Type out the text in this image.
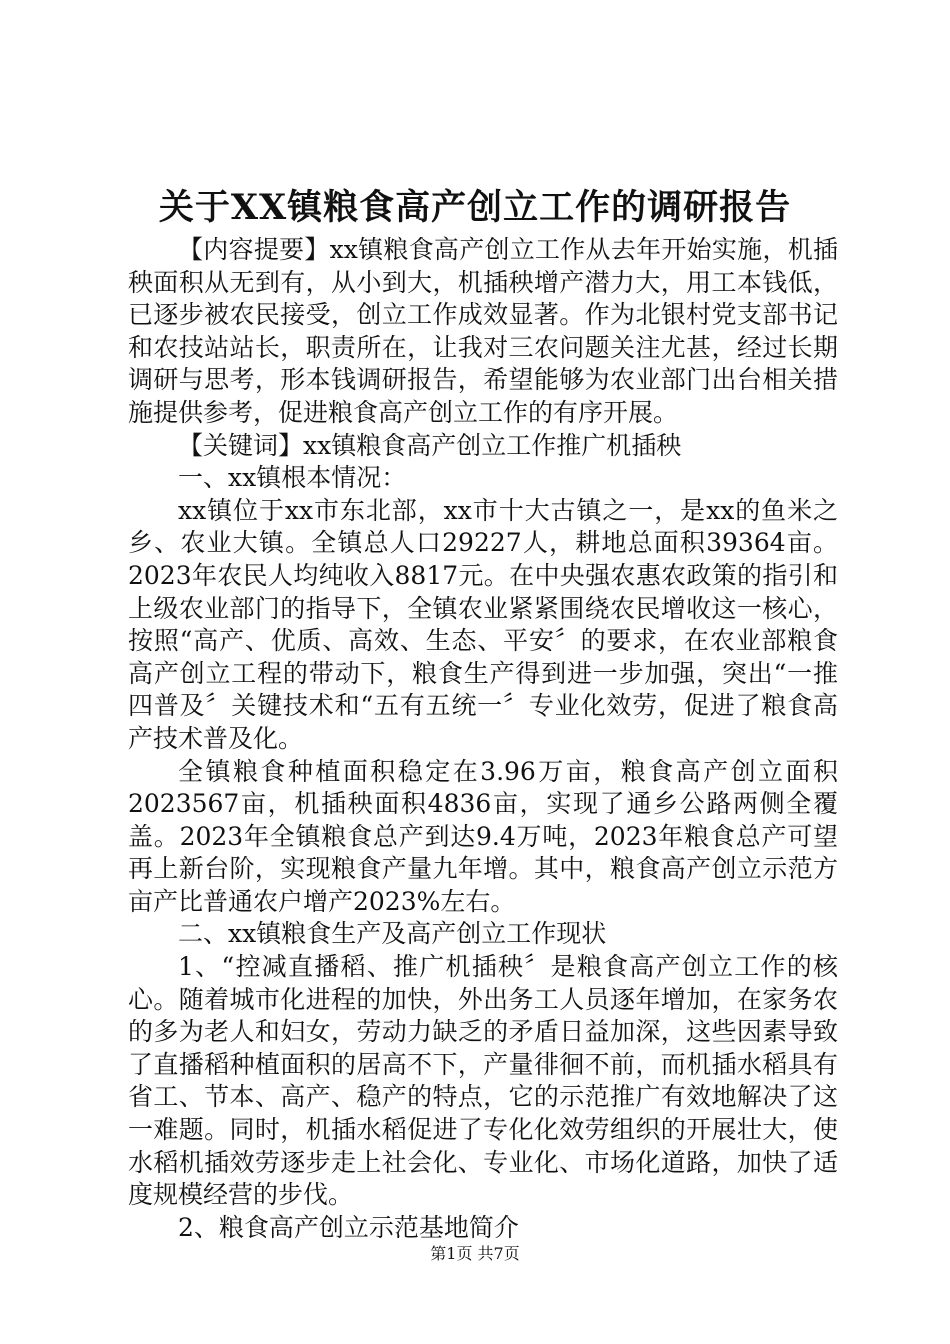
关于XX镇粮食高产创立工作的调研报告

【内容提要】xx镇粮食高产创立工作从去年开始实施，机插秧面积从无到有，从小到大，机插秧增产潜力大，用工本钱低，已逐步被农民接受，创立工作成效显著。作为北银村党支部书记和农技站站长，职责所在，让我对三农问题关注尤甚，经过长期调研与思考，形本钱调研报告，希望能够为农业部门出台相关措施提供参考，促进粮食高产创立工作的有序开展。

【关键词】xx镇粮食高产创立工作推广机插秧

一、xx镇根本情况：

xx镇位于xx市东北部，xx市十大古镇之一，是xx的鱼米之乡、农业大镇。全镇总人口29227人，耕地总面积39364亩。2023年农民人均纯收入8817元。在中央强农惠农政策的指引和上级农业部门的指导下，全镇农业紧紧围绕农民增收这一核心，按照“高产、优质、高效、生态、平安〞的要求，在农业部粮食高产创立工程的带动下，粮食生产得到进一步加强，突出“一推四普及〞关键技术和“五有五统一〞专业化效劳，促进了粮食高产技术普及化。

全镇粮食种植面积稳定在3.96万亩，粮食高产创立面积2023567亩，机插秧面积4836亩，实现了通乡公路两侧全覆盖。2023年全镇粮食总产到达9.4万吨，2023年粮食总产可望再上新台阶，实现粮食产量九年增。其中，粮食高产创立示范方亩产比普通农户增产2023%左右。

二、xx镇粮食生产及高产创立工作现状

1、“控减直播稻、推广机插秧〞是粮食高产创立工作的核心。随着城市化进程的加快，外出务工人员逐年增加，在家务农的多为老人和妇女，劳动力缺乏的矛盾日益加深，这些因素导致了直播稻种植面积的居高不下，产量徘徊不前，而机插水稻具有省工、节本、高产、稳产的特点，它的示范推广有效地解决了这一难题。同时，机插水稻促进了专化化效劳组织的开展壮大，使水稻机插效劳逐步走上社会化、专业化、市场化道路，加快了适度规模经营的步伐。

2、粮食高产创立示范基地简介

第1页 共7页
